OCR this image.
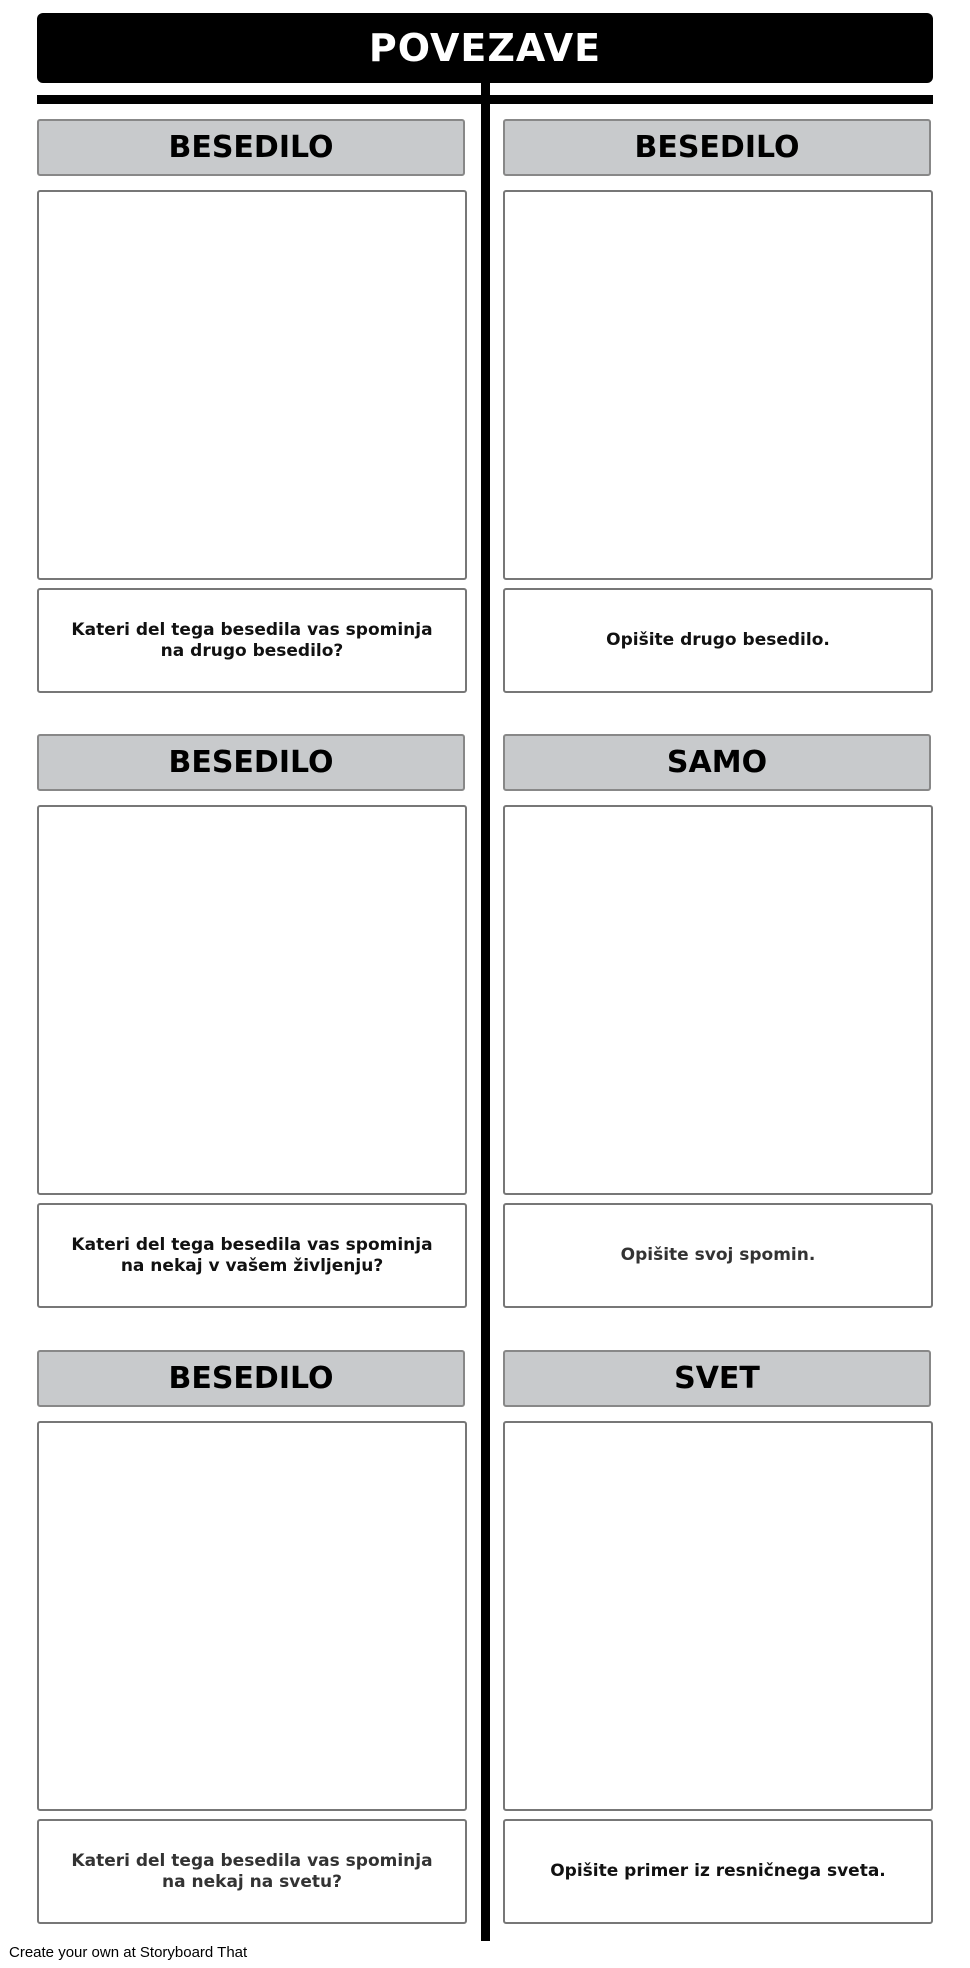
POVEZAVE
BESEDILO
Kateri del tega besedila vas spominja na drugo besedilo?
BESEDILO
Opišite drugo besedilo.
BESEDILO
Kateri del tega besedila vas spominja na nekaj v vašem življenju?
SAMO
Opišite svoj spomin.
BESEDILO
Kateri del tega besedila vas spominja na nekaj na svetu?
SVET
Opišite primer iz resničnega sveta.
Create your own at Storyboard That
